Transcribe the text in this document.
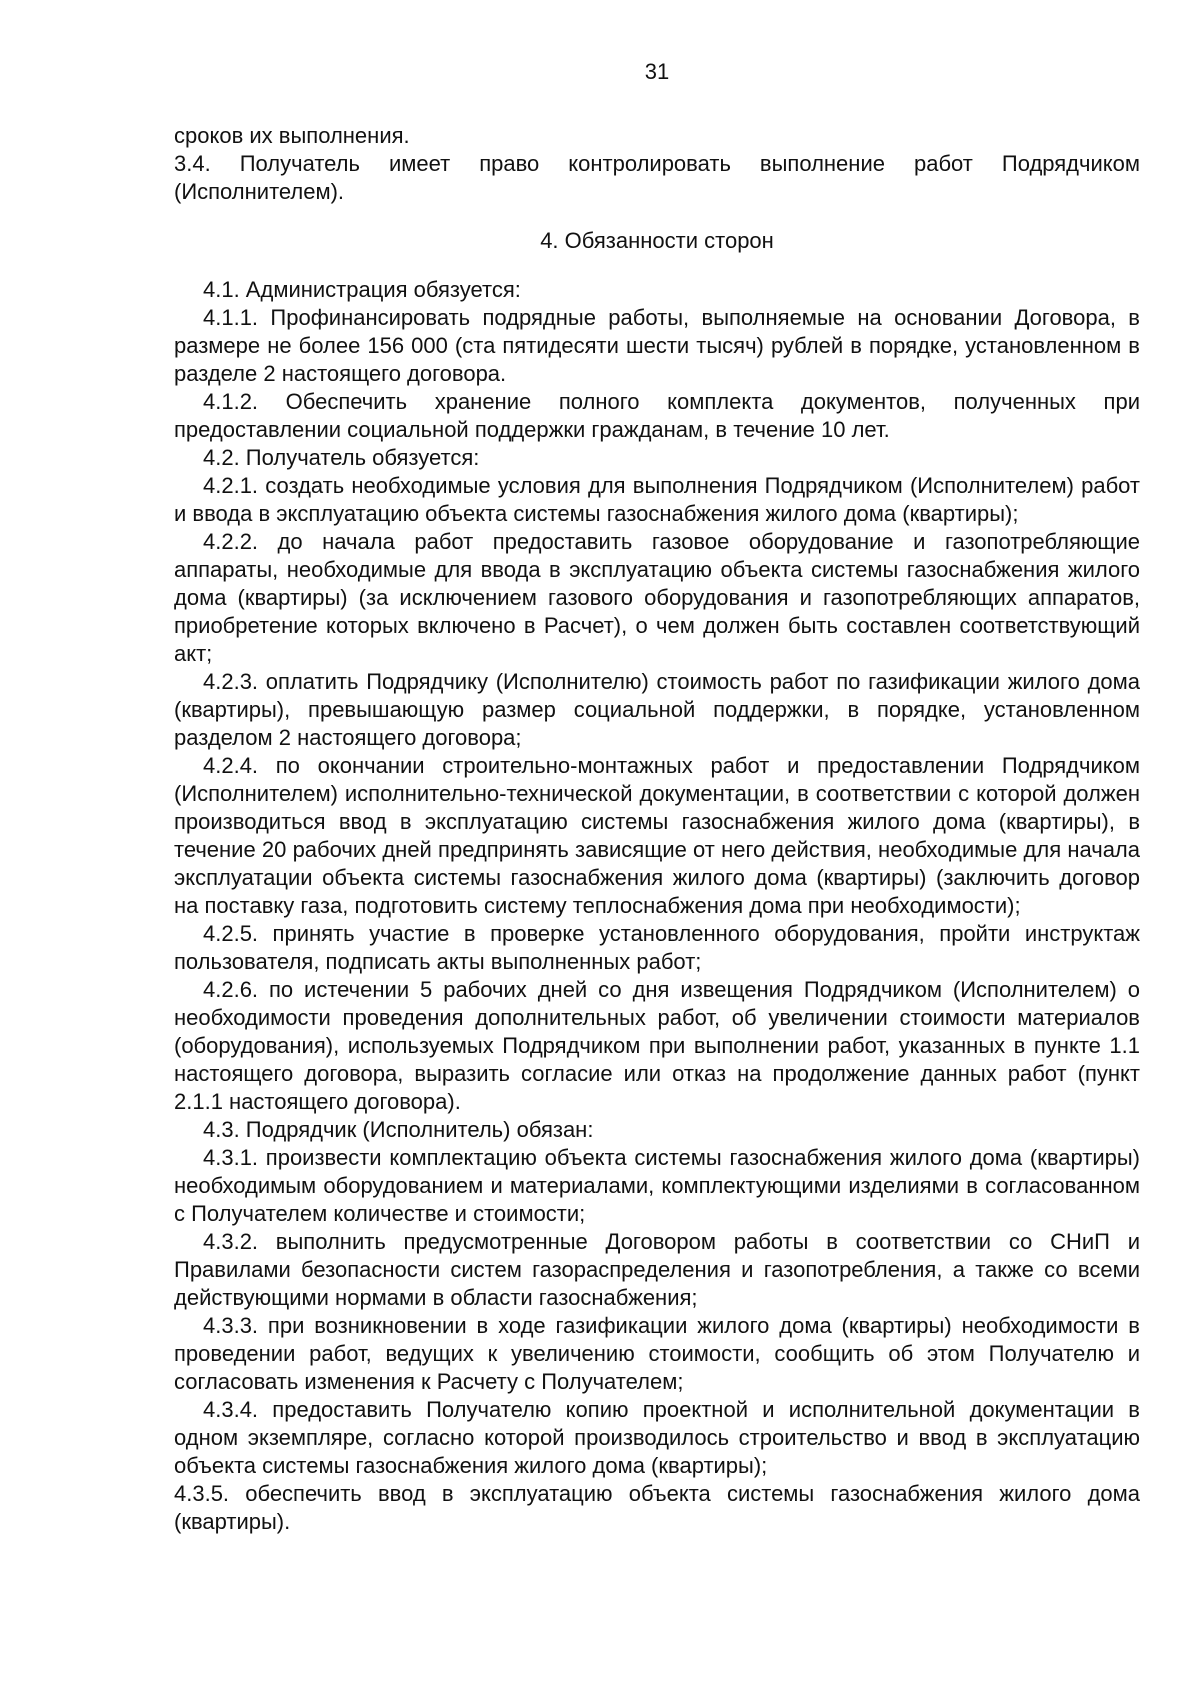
31

сроков их выполнения.

3.4. Получатель имеет право контролировать выполнение работ Подрядчиком (Исполнителем).

4. Обязанности сторон

4.1. Администрация обязуется:

4.1.1. Профинансировать подрядные работы, выполняемые на основании Договора, в размере не более 156 000 (ста пятидесяти шести тысяч) рублей в порядке, установленном в разделе 2 настоящего договора.

4.1.2. Обеспечить хранение полного комплекта документов, полученных при предоставлении социальной поддержки гражданам, в течение 10 лет.

4.2. Получатель обязуется:

4.2.1. создать необходимые условия для выполнения Подрядчиком (Исполнителем) работ и ввода в эксплуатацию объекта системы газоснабжения жилого дома (квартиры);

4.2.2. до начала работ предоставить газовое оборудование и газопотребляющие аппараты, необходимые для ввода в эксплуатацию объекта системы газоснабжения жилого дома (квартиры) (за исключением газового оборудования и газопотребляющих аппаратов, приобретение которых включено в Расчет), о чем должен быть составлен соответствующий акт;

4.2.3. оплатить Подрядчику (Исполнителю) стоимость работ по газификации жилого дома (квартиры), превышающую размер социальной поддержки, в порядке, установленном разделом 2 настоящего договора;

4.2.4. по окончании строительно-монтажных работ и предоставлении Подрядчиком (Исполнителем) исполнительно-технической документации, в соответствии с которой должен производиться ввод в эксплуатацию системы газоснабжения жилого дома (квартиры), в течение 20 рабочих дней предпринять зависящие от него действия, необходимые для начала эксплуатации объекта системы газоснабжения жилого дома (квартиры) (заключить договор на поставку газа, подготовить систему теплоснабжения дома при необходимости);

4.2.5. принять участие в проверке установленного оборудования, пройти инструктаж пользователя, подписать акты выполненных работ;

4.2.6. по истечении 5 рабочих дней со дня извещения Подрядчиком (Исполнителем) о необходимости проведения дополнительных работ, об увеличении стоимости материалов (оборудования), используемых Подрядчиком при выполнении работ, указанных в пункте 1.1 настоящего договора, выразить согласие или отказ на продолжение данных работ (пункт 2.1.1 настоящего договора).

4.3. Подрядчик (Исполнитель) обязан:

4.3.1. произвести комплектацию объекта системы газоснабжения жилого дома (квартиры) необходимым оборудованием и материалами, комплектующими изделиями в согласованном с Получателем количестве и стоимости;

4.3.2. выполнить предусмотренные Договором работы в соответствии со СНиП и Правилами безопасности систем газораспределения и газопотребления, а также со всеми действующими нормами в области газоснабжения;

4.3.3. при возникновении в ходе газификации жилого дома (квартиры) необходимости в проведении работ, ведущих к увеличению стоимости, сообщить об этом Получателю и согласовать изменения к Расчету с Получателем;

4.3.4. предоставить Получателю копию проектной и исполнительной документации в одном экземпляре, согласно которой производилось строительство и ввод в эксплуатацию объекта системы газоснабжения жилого дома (квартиры);

4.3.5. обеспечить ввод в эксплуатацию объекта системы газоснабжения жилого дома (квартиры).
